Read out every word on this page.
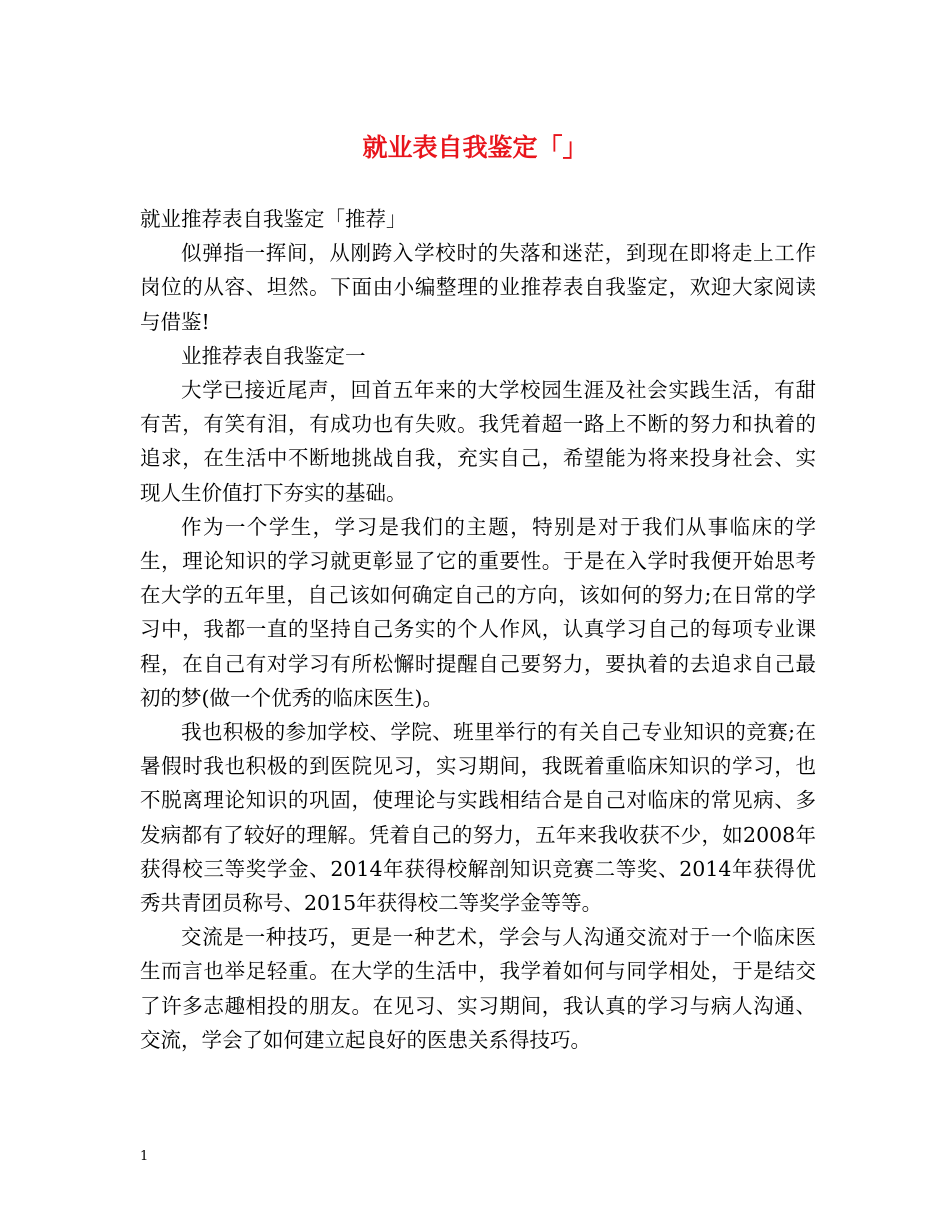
就业表自我鉴定「」

就业推荐表自我鉴定「推荐」

似弹指一挥间，从刚跨入学校时的失落和迷茫，到现在即将走上工作岗位的从容、坦然。下面由小编整理的业推荐表自我鉴定，欢迎大家阅读与借鉴!

业推荐表自我鉴定一

大学已接近尾声，回首五年来的大学校园生涯及社会实践生活，有甜有苦，有笑有泪，有成功也有失败。我凭着超一路上不断的努力和执着的追求，在生活中不断地挑战自我，充实自己，希望能为将来投身社会、实现人生价值打下夯实的基础。

作为一个学生，学习是我们的主题，特别是对于我们从事临床的学生，理论知识的学习就更彰显了它的重要性。于是在入学时我便开始思考在大学的五年里，自己该如何确定自己的方向，该如何的努力;在日常的学习中，我都一直的坚持自己务实的个人作风，认真学习自己的每项专业课程，在自己有对学习有所松懈时提醒自己要努力，要执着的去追求自己最初的梦(做一个优秀的临床医生)。

我也积极的参加学校、学院、班里举行的有关自己专业知识的竞赛;在暑假时我也积极的到医院见习，实习期间，我既着重临床知识的学习，也不脱离理论知识的巩固，使理论与实践相结合是自己对临床的常见病、多发病都有了较好的理解。凭着自己的努力，五年来我收获不少，如2008年获得校三等奖学金、2014年获得校解剖知识竞赛二等奖、2014年获得优秀共青团员称号、2015年获得校二等奖学金等等。

交流是一种技巧，更是一种艺术，学会与人沟通交流对于一个临床医生而言也举足轻重。在大学的生活中，我学着如何与同学相处，于是结交了许多志趣相投的朋友。在见习、实习期间，我认真的学习与病人沟通、交流，学会了如何建立起良好的医患关系得技巧。

1
